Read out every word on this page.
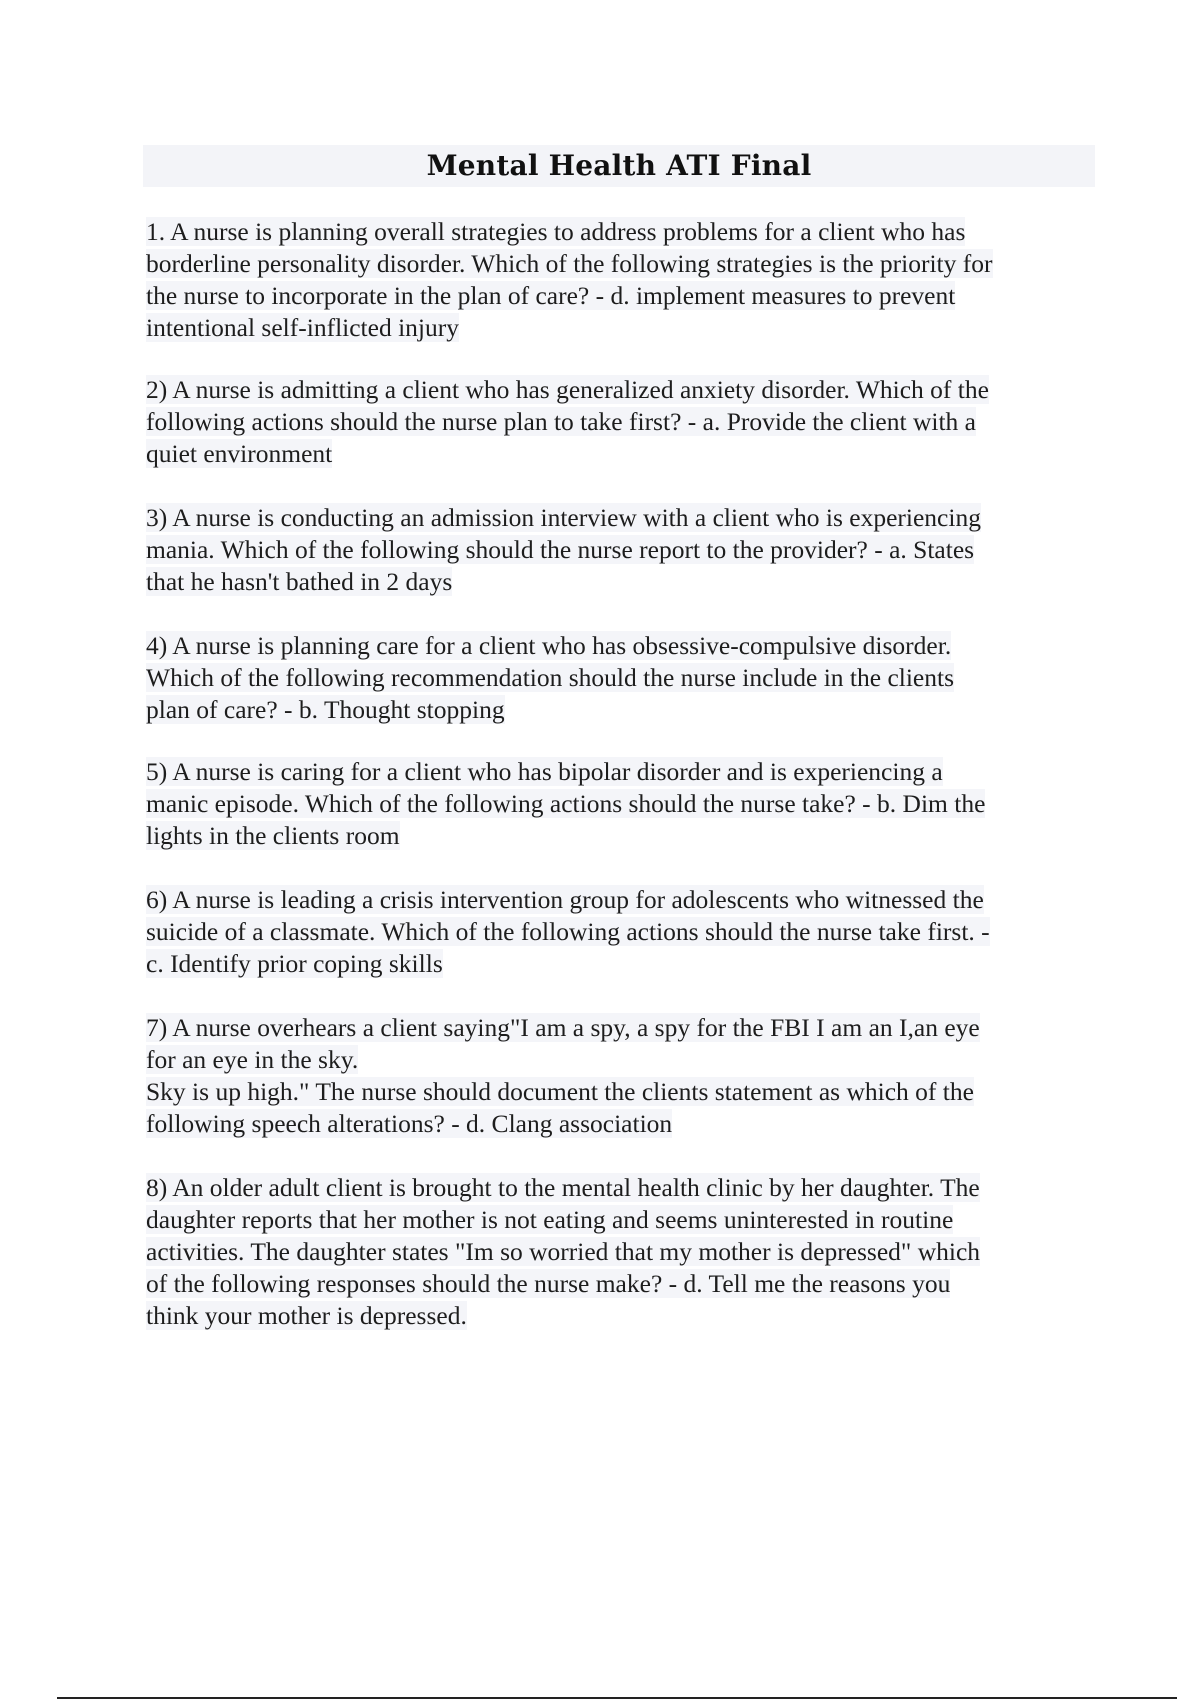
Mental Health ATI Final
1. A nurse is planning overall strategies to address problems for a client who has
borderline personality disorder. Which of the following strategies is the priority for
the nurse to incorporate in the plan of care? - d. implement measures to prevent
intentional self-inflicted injury
2) A nurse is admitting a client who has generalized anxiety disorder. Which of the
following actions should the nurse plan to take first? - a. Provide the client with a
quiet environment
3) A nurse is conducting an admission interview with a client who is experiencing
mania. Which of the following should the nurse report to the provider? - a. States
that he hasn't bathed in 2 days
4) A nurse is planning care for a client who has obsessive-compulsive disorder.
Which of the following recommendation should the nurse include in the clients
plan of care? - b. Thought stopping
5) A nurse is caring for a client who has bipolar disorder and is experiencing a
manic episode. Which of the following actions should the nurse take? - b. Dim the
lights in the clients room
6) A nurse is leading a crisis intervention group for adolescents who witnessed the
suicide of a classmate. Which of the following actions should the nurse take first. -
c. Identify prior coping skills
7) A nurse overhears a client saying"I am a spy, a spy for the FBI I am an I,an eye
for an eye in the sky.
Sky is up high." The nurse should document the clients statement as which of the
following speech alterations? - d. Clang association
8) An older adult client is brought to the mental health clinic by her daughter. The
daughter reports that her mother is not eating and seems uninterested in routine
activities. The daughter states "Im so worried that my mother is depressed" which
of the following responses should the nurse make? - d. Tell me the reasons you
think your mother is depressed.
